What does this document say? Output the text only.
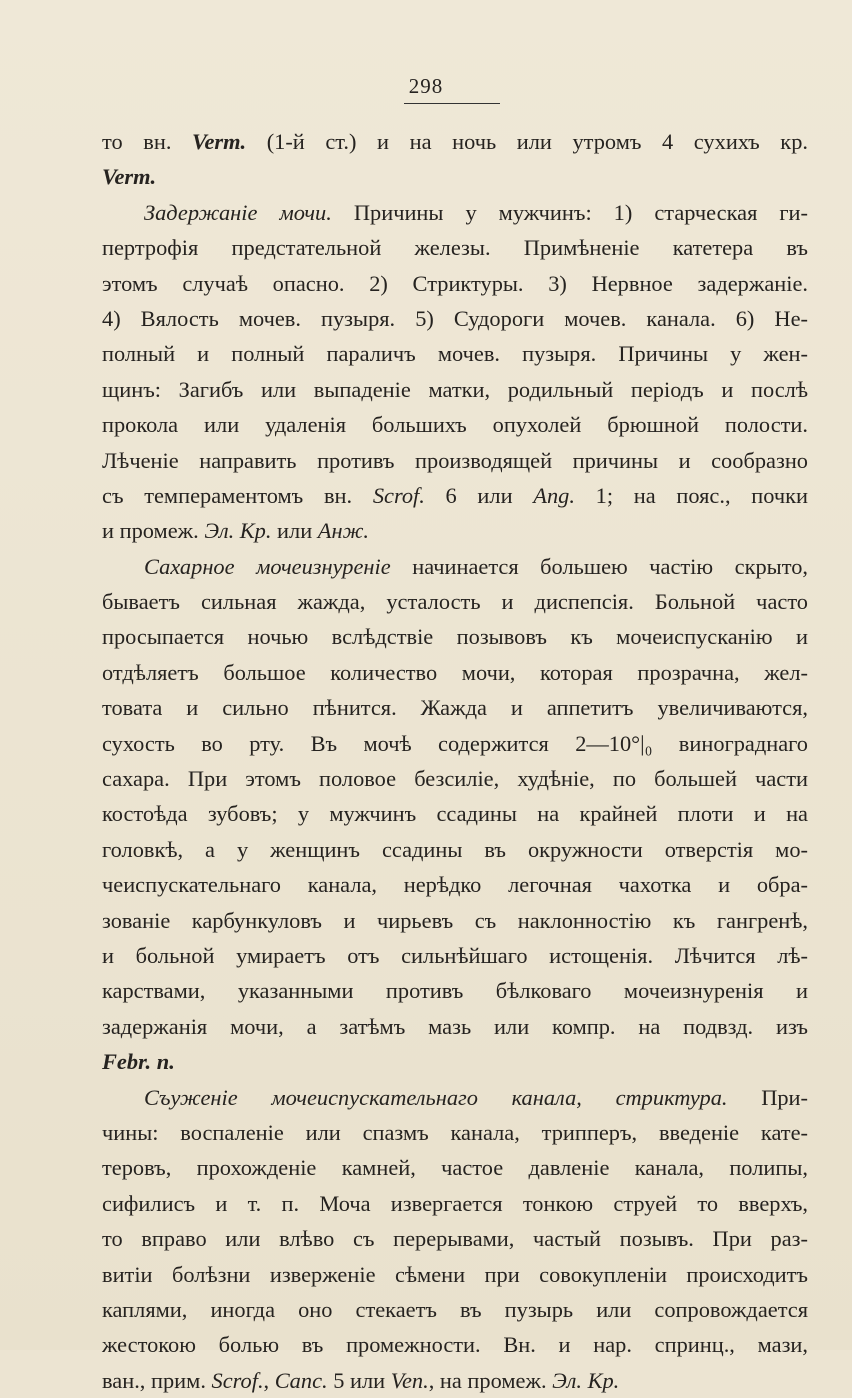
298
то вн. Verm. (1-й ст.) и на ночь или утромъ 4 сухихъ кр.
Verm.
Задержаніе мочи. Причины у мужчинъ: 1) старческая ги-
пертрофія предстательной железы. Примѣненіе катетера въ
этомъ случаѣ опасно. 2) Стриктуры. 3) Нервное задержаніе.
4) Вялость мочев. пузыря. 5) Судороги мочев. канала. 6) Не-
полный и полный параличъ мочев. пузыря. Причины у жен-
щинъ: Загибъ или выпаденіе матки, родильный періодъ и послѣ
прокола или удаленія большихъ опухолей брюшной полости.
Лѣченіе направить противъ производящей причины и сообразно
съ темпераментомъ вн. Scrof. 6 или Ang. 1; на пояс., почки
и промеж. Эл. Кр. или Анж.
Сахарное мочеизнуреніе начинается большею частію скрыто,
бываетъ сильная жажда, усталость и диспепсія. Больной часто
просыпается ночью вслѣдствіе позывовъ къ мочеиспусканію и
отдѣляетъ большое количество мочи, которая прозрачна, жел-
товата и сильно пѣнится. Жажда и аппетитъ увеличиваются,
сухость во рту. Въ мочѣ содержится 2—10°|₀ винограднаго
сахара. При этомъ половое безсиліе, худѣніе, по большей части
костоѣда зубовъ; у мужчинъ ссадины на крайней плоти и на
головкѣ, а у женщинъ ссадины въ окружности отверстія мо-
чеиспускательнаго канала, нерѣдко легочная чахотка и обра-
зованіе карбункуловъ и чирьевъ съ наклонностію къ гангренѣ,
и больной умираетъ отъ сильнѣйшаго истощенія. Лѣчится лѣ-
карствами, указанными противъ бѣлковаго мочеизнуренія и
задержанія мочи, а затѣмъ мазь или компр. на подвзд. изъ
Febr. n.
Съуженіе мочеиспускательнаго канала, стриктура. При-
чины: воспаленіе или спазмъ канала, трипперъ, введеніе кате-
теровъ, прохожденіе камней, частое давленіе канала, полипы,
сифилисъ и т. п. Моча извергается тонкою струей то вверхъ,
то вправо или влѣво съ перерывами, частый позывъ. При раз-
витіи болѣзни изверженіе сѣмени при совокупленіи происходитъ
каплями, иногда оно стекаетъ въ пузырь или сопровождается
жестокою болью въ промежности. Вн. и нар. спринц., мази,
ван., прим. Scrof., Canc. 5 или Ven., на промеж. Эл. Кр.
